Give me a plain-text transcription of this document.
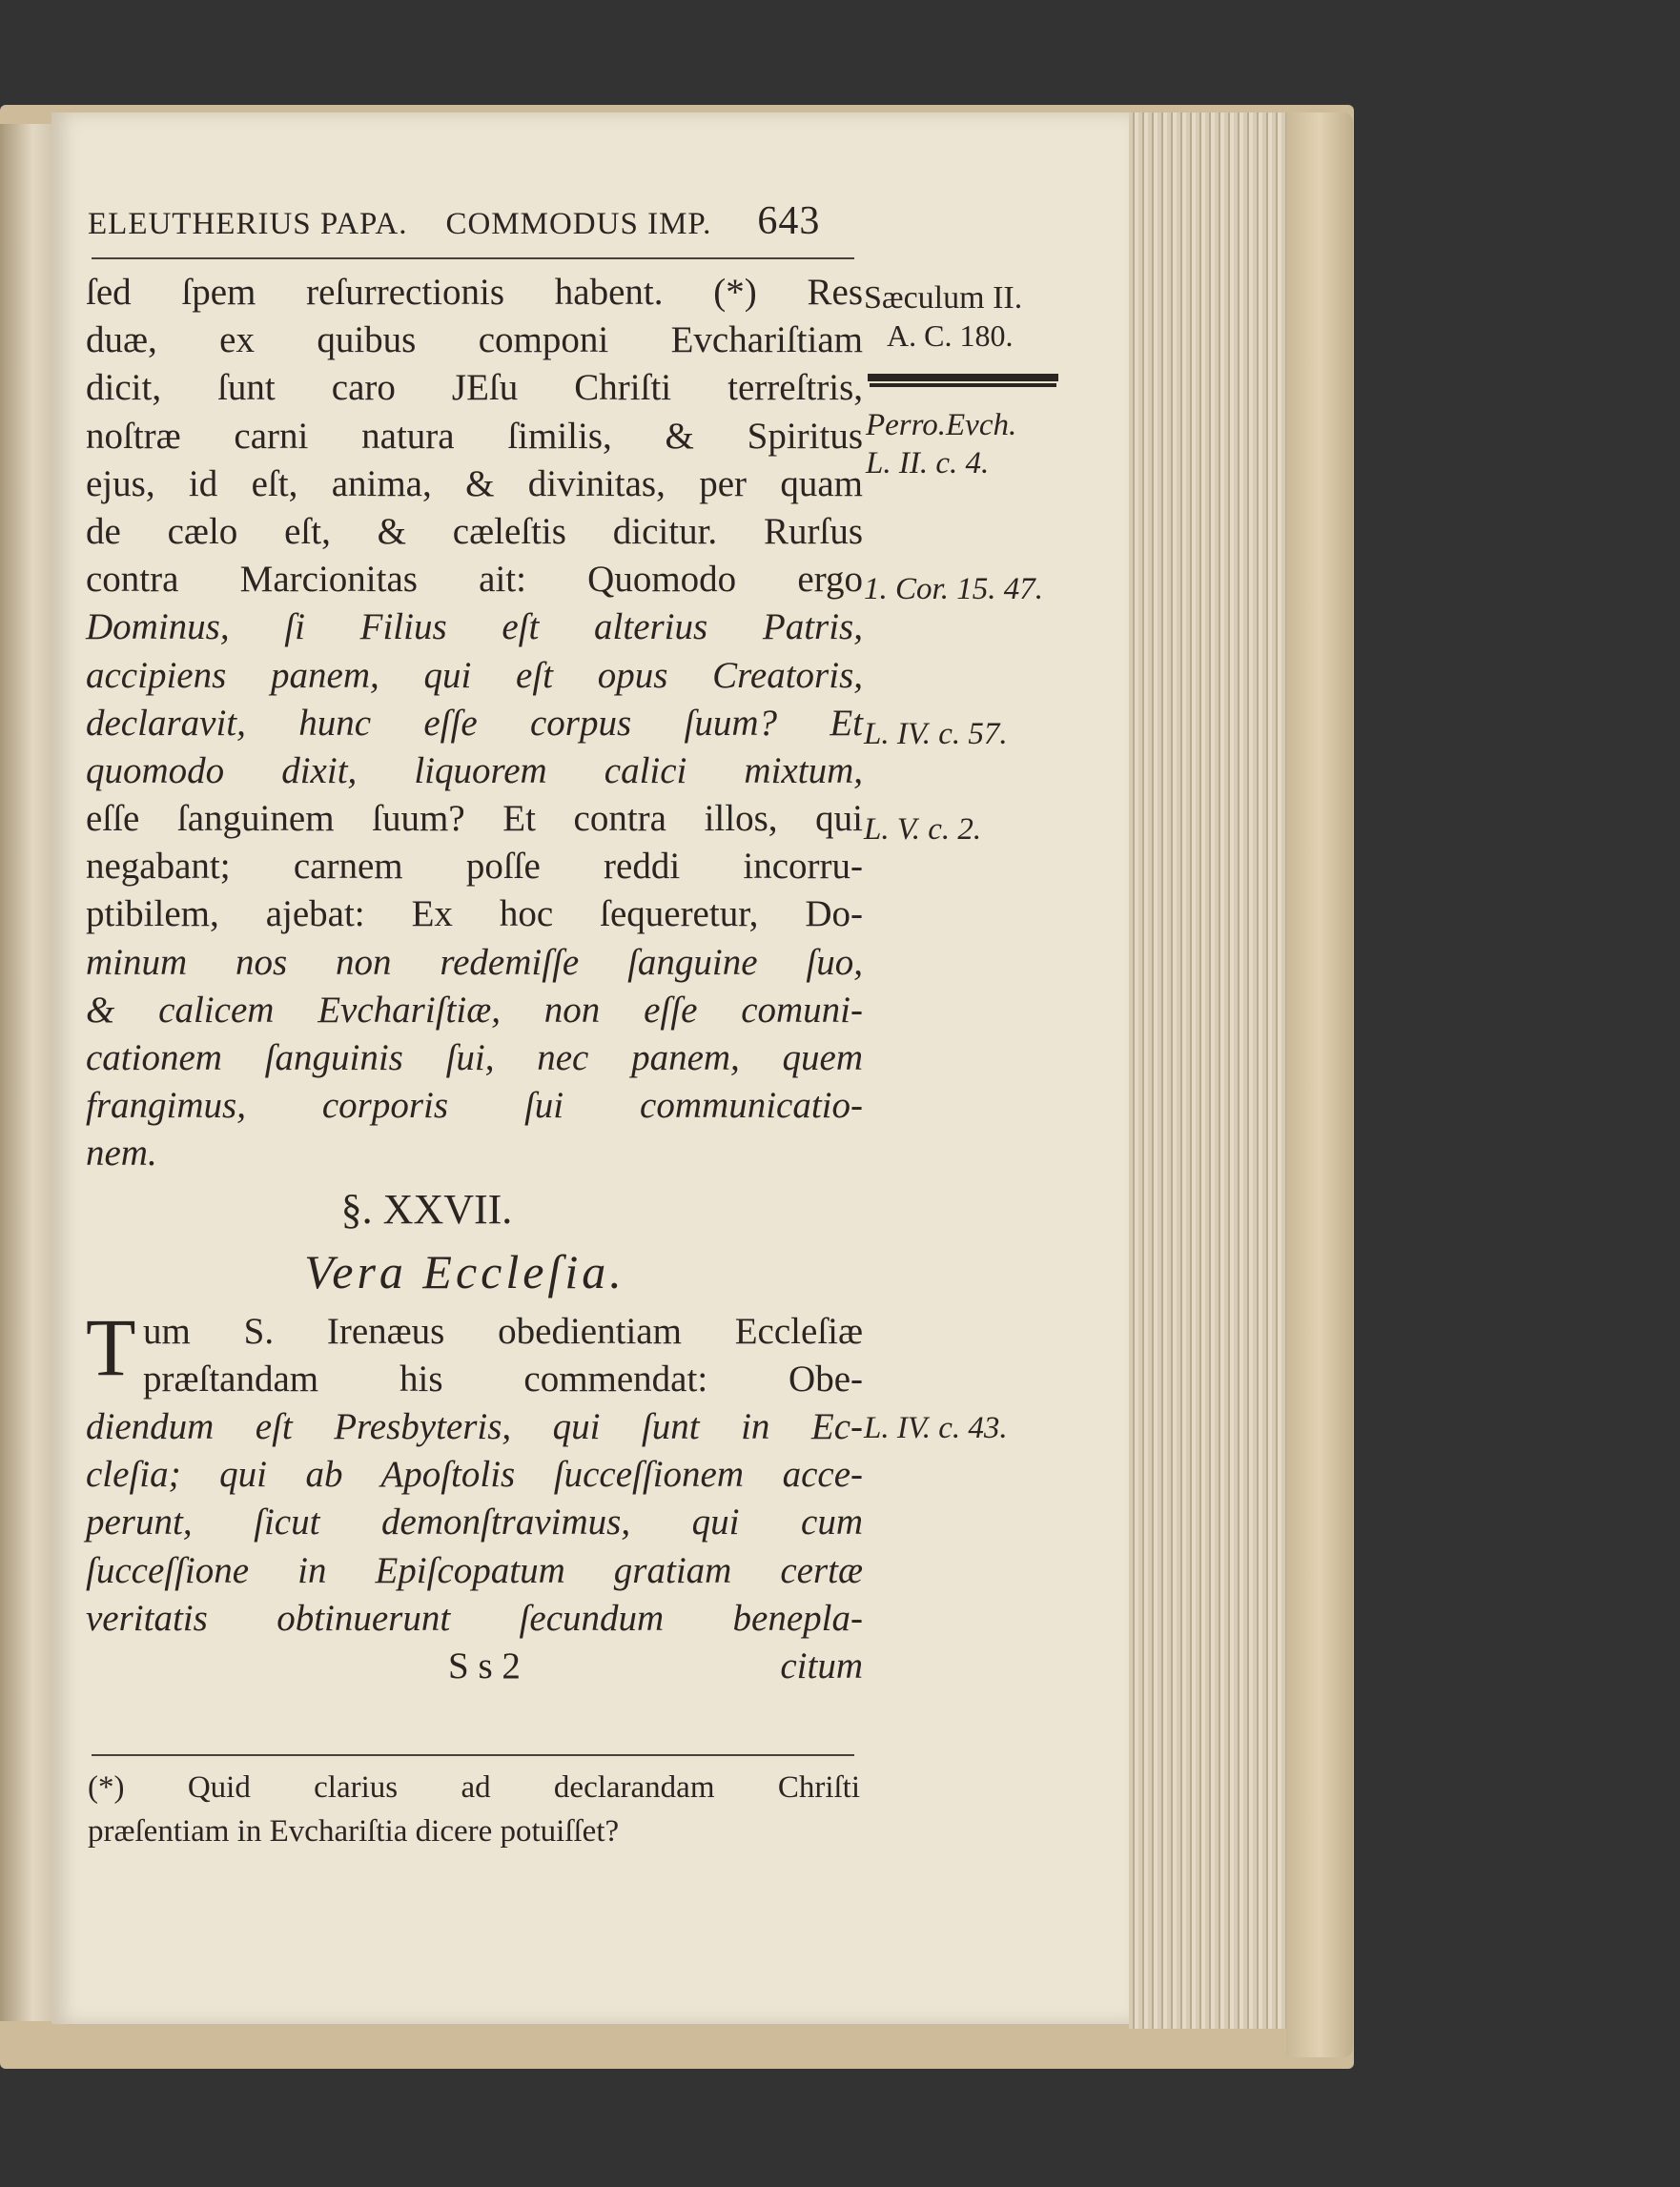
ELEUTHERIUS PAPA. COMMODUS IMP. 643
ſed ſpem reſurrectionis habent. (*) Res
duæ, ex quibus componi Evchariſtiam
dicit, ſunt caro JEſu Chriſti terreſtris,
noſtræ carni natura ſimilis, & Spiritus
ejus, id eſt, anima, & divinitas, per quam
de cælo eſt, & cæleſtis dicitur. Rurſus
contra Marcionitas ait: Quomodo ergo
Dominus, ſi Filius eſt alterius Patris,
accipiens panem, qui eſt opus Creatoris,
declaravit, hunc eſſe corpus ſuum? Et
quomodo dixit, liquorem calici mixtum,
eſſe ſanguinem ſuum? Et contra illos, qui
negabant; carnem poſſe reddi incorru-
ptibilem, ajebat: Ex hoc ſequeretur, Do-
minum nos non redemiſſe ſanguine ſuo,
& calicem Evchariſtiæ, non eſſe comuni-
cationem ſanguinis ſui, nec panem, quem
frangimus, corporis ſui communicatio-
nem.
§. XXVII.
Vera Eccleſia.
T um S. Irenæus obedientiam Eccleſiæ
præſtandam his commendat: Obe-
diendum eſt Presbyteris, qui ſunt in Ec-
cleſia; qui ab Apoſtolis ſucceſſionem acce-
perunt, ſicut demonſtravimus, qui cum
ſucceſſione in Epiſcopatum gratiam certæ
veritatis obtinuerunt ſecundum benepla-
S s 2	citum
(*) Quid clarius ad declarandam Chriſti
præſentiam in Evchariſtia dicere potuiſſet?
Sæculum II.
A. C. 180.
Perro.Evch.
L. II. c. 4.
1. Cor. 15. 47.
L. IV. c. 57.
L. V. c. 2.
L. IV. c. 43.
